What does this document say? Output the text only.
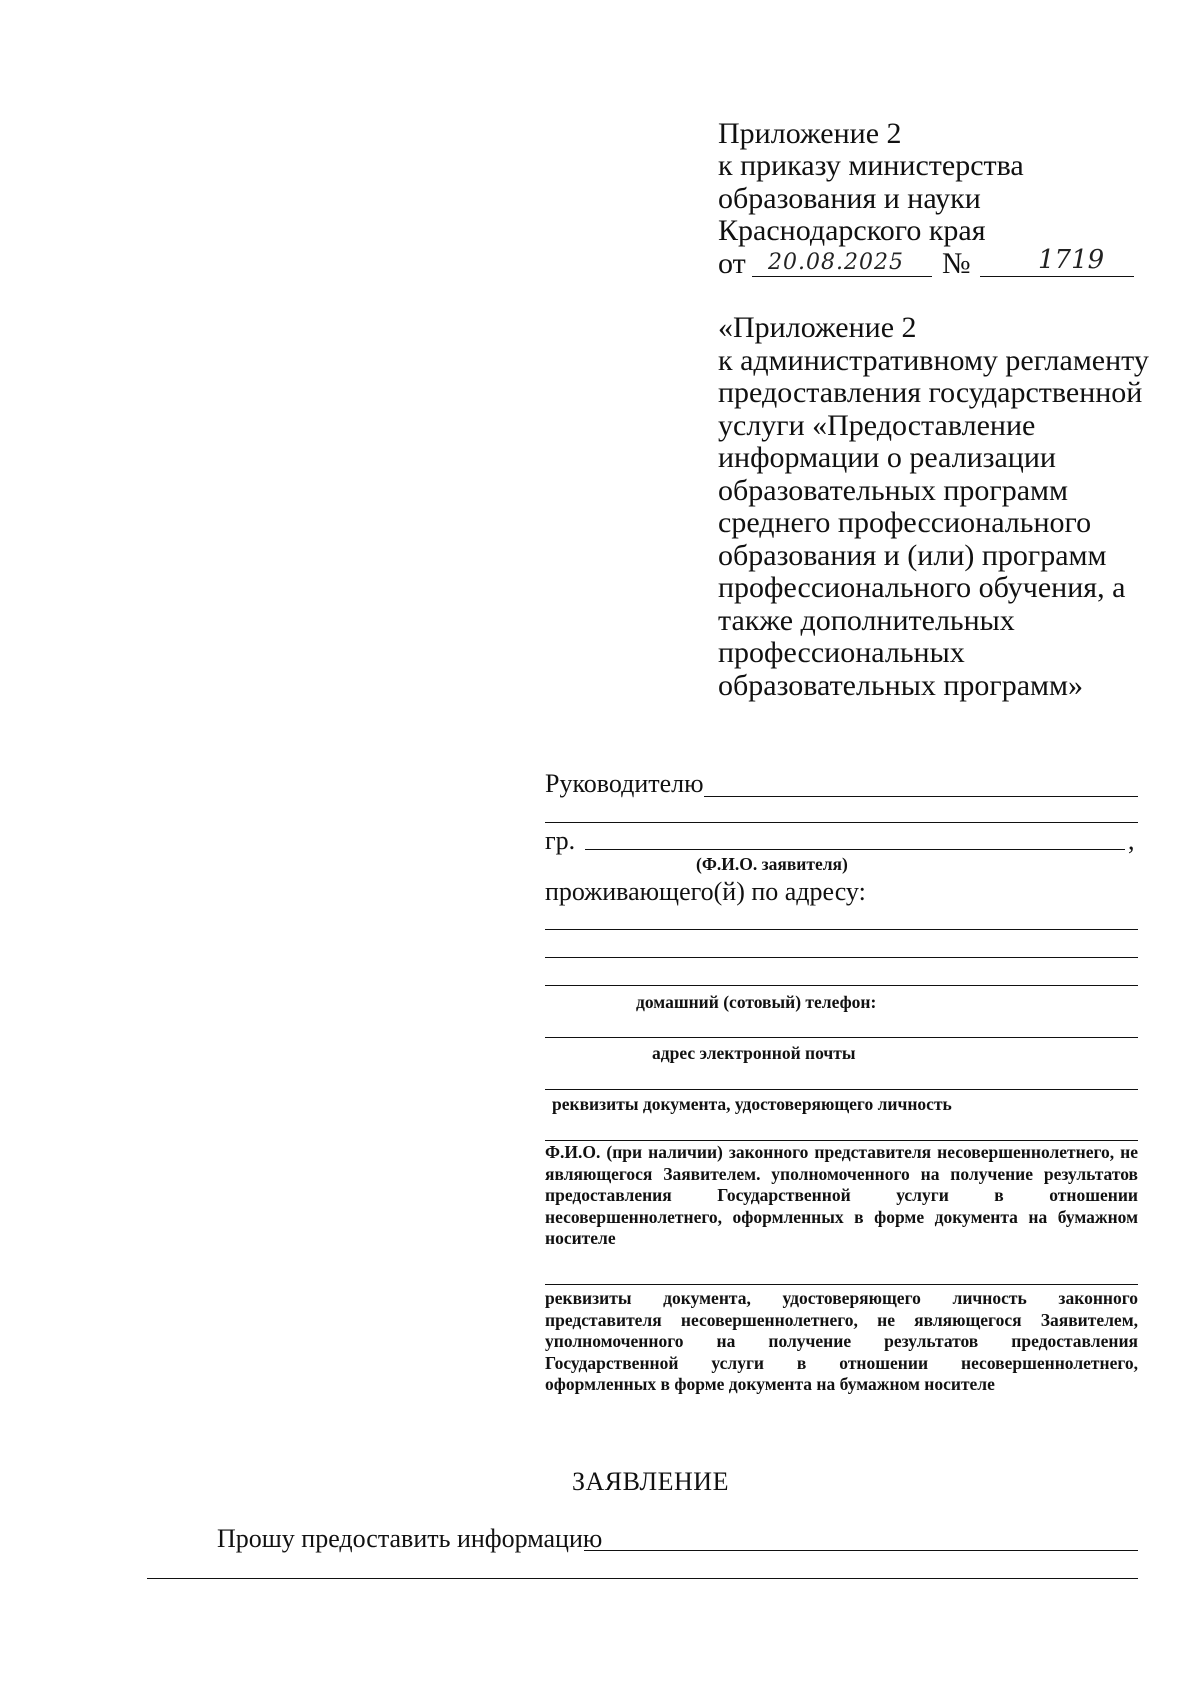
Приложение 2
к приказу министерства
образования и науки
Краснодарского края
от 20.08.2025 №	1719
«Приложение 2
к административному регламенту
предоставления государственной
услуги «Предоставление
информации о реализации
образовательных программ
среднего профессионального
образования и (или) программ
профессионального обучения, а
также дополнительных
профессиональных
образовательных программ»
Руководителю
гр.	,
(Ф.И.О. заявителя)
проживающего(й) по адресу:
домашний (сотовый) телефон:
адрес электронной почты
реквизиты документа, удостоверяющего личность
Ф.И.О. (при наличии) законного представителя несовершеннолетнего, не являющегося Заявителем. уполномоченного на получение результатов предоставления Государственной услуги в отношении несовершеннолетнего, оформленных в форме документа на бумажном носителе
реквизиты документа, удостоверяющего личность законного представителя несовершеннолетнего, не являющегося Заявителем, уполномоченного на получение результатов предоставления Государственной услуги в отношении несовершеннолетнего, оформленных в форме документа на бумажном носителе
ЗАЯВЛЕНИЕ
Прошу предоставить информацию
